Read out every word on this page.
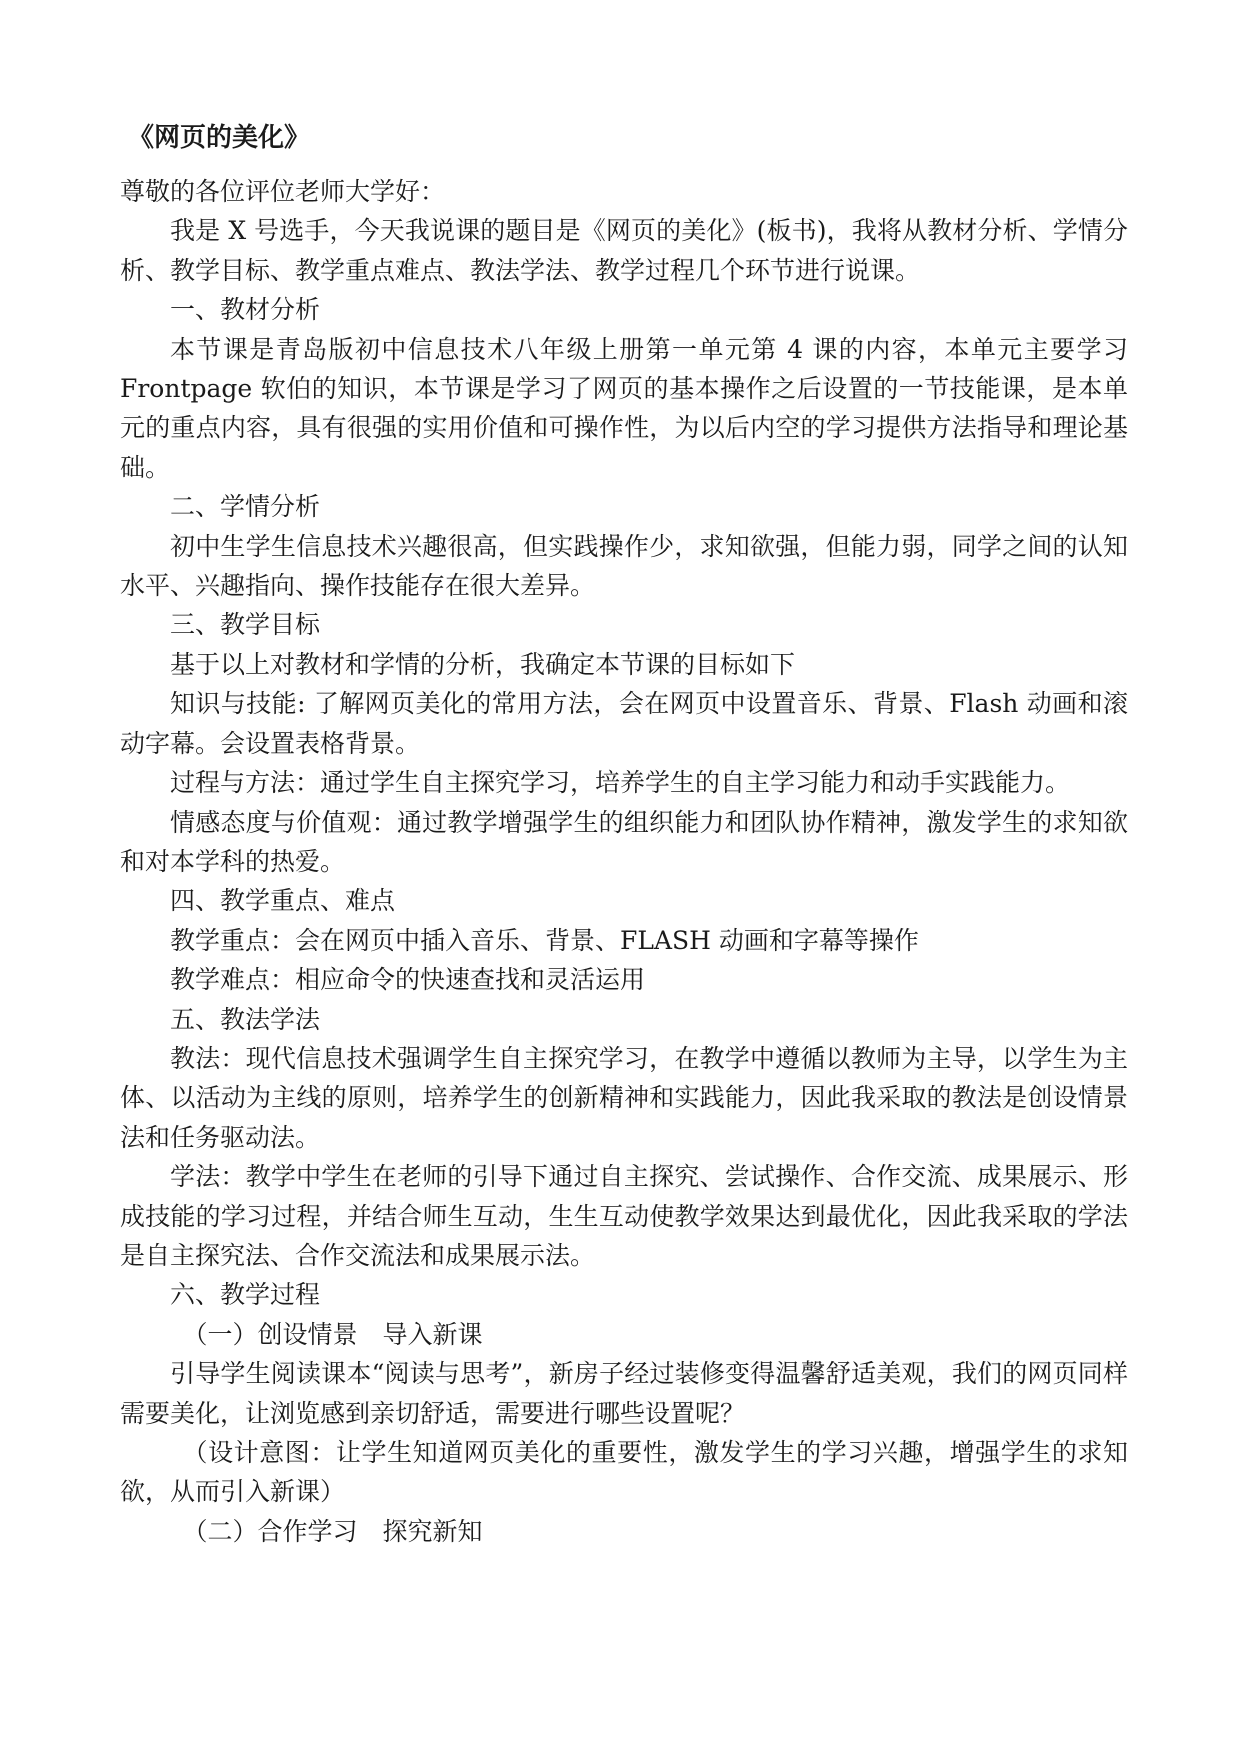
《网页的美化》

尊敬的各位评位老师大学好：

我是 X 号选手，今天我说课的题目是《网页的美化》(板书)，我将从教材分析、学情分析、教学目标、教学重点难点、教法学法、教学过程几个环节进行说课。

一、教材分析

本节课是青岛版初中信息技术八年级上册第一单元第 4 课的内容，本单元主要学习 Frontpage 软伯的知识，本节课是学习了网页的基本操作之后设置的一节技能课，是本单元的重点内容，具有很强的实用价值和可操作性，为以后内空的学习提供方法指导和理论基础。

二、学情分析

初中生学生信息技术兴趣很高，但实践操作少，求知欲强，但能力弱，同学之间的认知水平、兴趣指向、操作技能存在很大差异。

三、教学目标

基于以上对教材和学情的分析，我确定本节课的目标如下

知识与技能: 了解网页美化的常用方法，会在网页中设置音乐、背景、Flash 动画和滚动字幕。会设置表格背景。

过程与方法：通过学生自主探究学习，培养学生的自主学习能力和动手实践能力。

情感态度与价值观：通过教学增强学生的组织能力和团队协作精神，激发学生的求知欲和对本学科的热爱。

四、教学重点、难点

教学重点：会在网页中插入音乐、背景、FLASH 动画和字幕等操作

教学难点：相应命令的快速查找和灵活运用

五、教法学法

教法：现代信息技术强调学生自主探究学习，在教学中遵循以教师为主导，以学生为主体、以活动为主线的原则，培养学生的创新精神和实践能力，因此我采取的教法是创设情景法和任务驱动法。

学法：教学中学生在老师的引导下通过自主探究、尝试操作、合作交流、成果展示、形成技能的学习过程，并结合师生互动，生生互动使教学效果达到最优化，因此我采取的学法是自主探究法、合作交流法和成果展示法。

六、教学过程

（一）创设情景　导入新课

引导学生阅读课本“阅读与思考”，新房子经过装修变得温馨舒适美观，我们的网页同样需要美化，让浏览感到亲切舒适，需要进行哪些设置呢？

（设计意图：让学生知道网页美化的重要性，激发学生的学习兴趣，增强学生的求知欲，从而引入新课）

（二）合作学习　探究新知
